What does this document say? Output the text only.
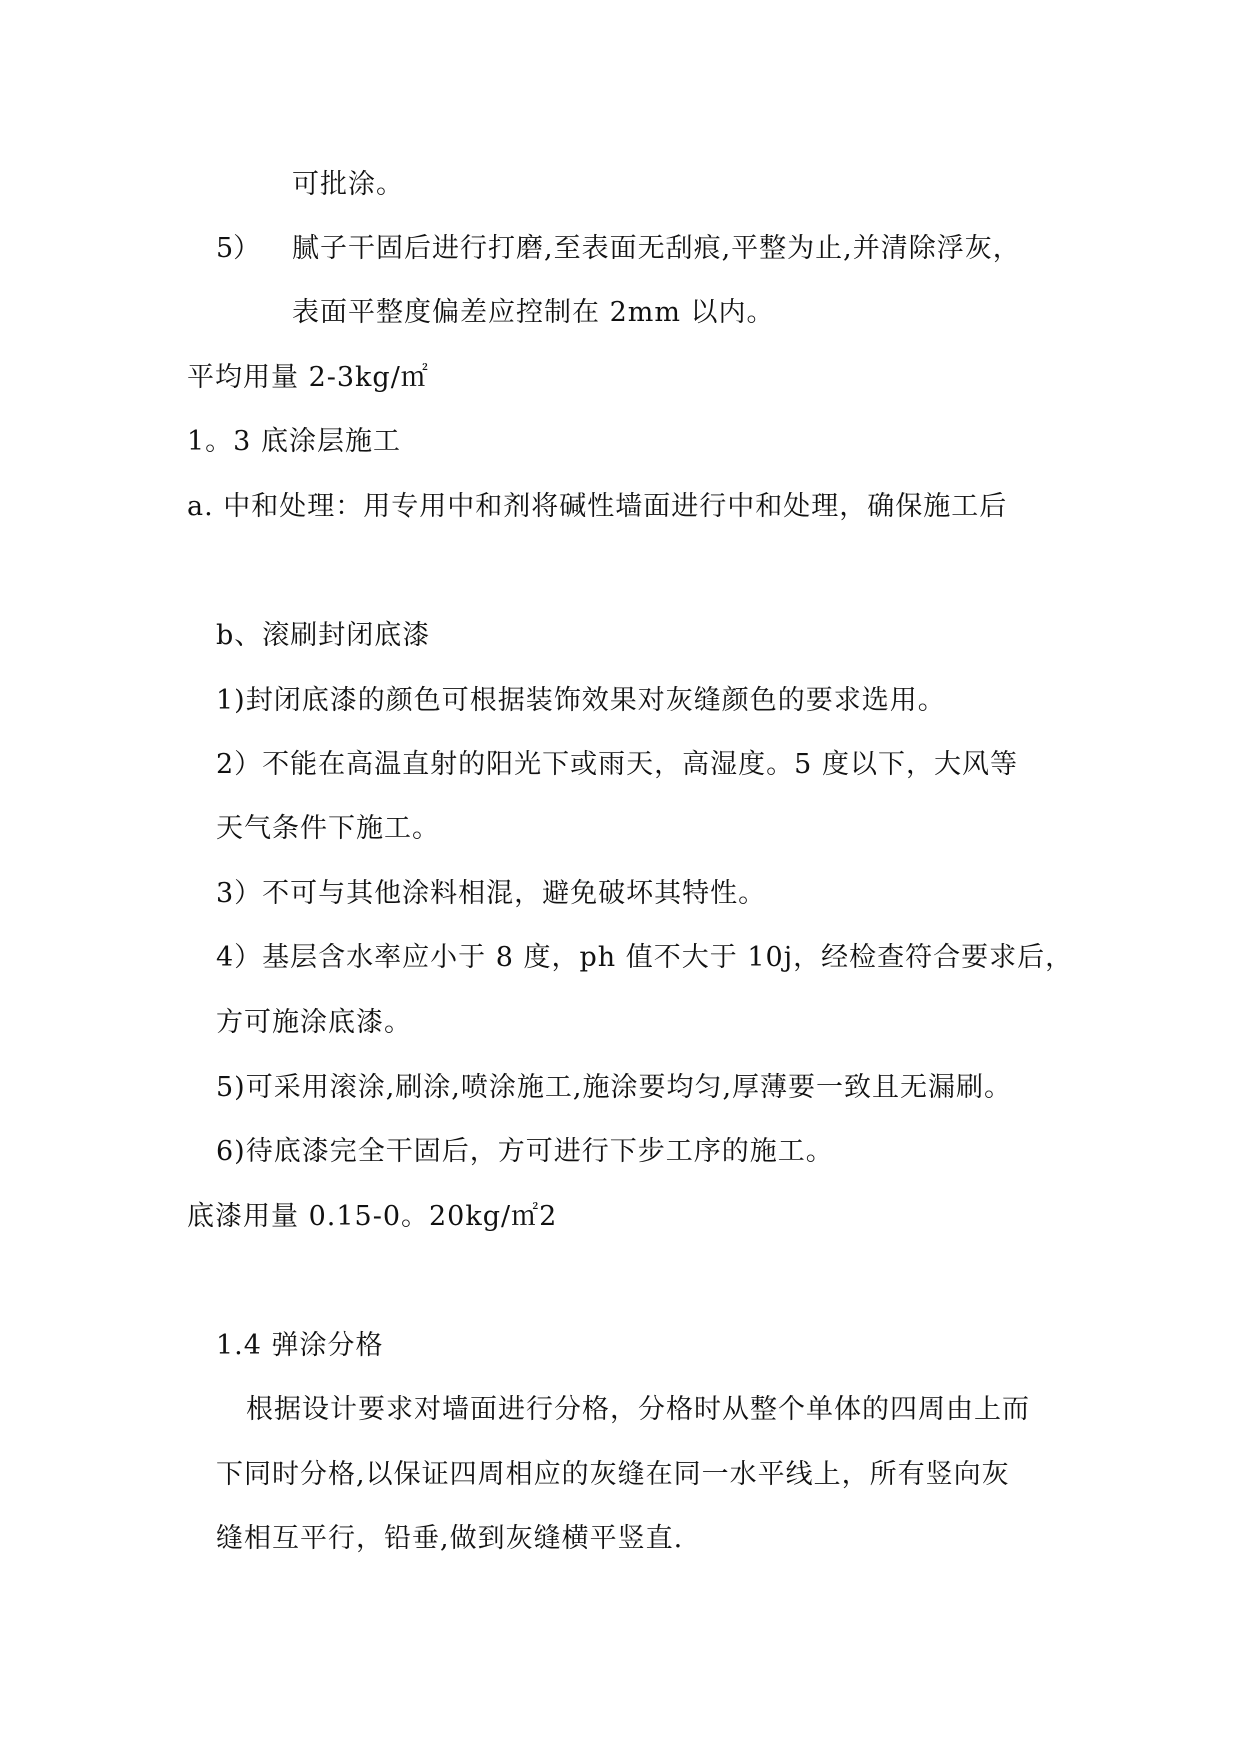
可批涂。
5） 腻子干固后进行打磨,至表面无刮痕,平整为止,并清除浮灰，
表面平整度偏差应控制在 2mm 以内。
平均用量 2-3kg/㎡
1。3 底涂层施工
a. 中和处理：用专用中和剂将碱性墙面进行中和处理，确保施工后
b、滚刷封闭底漆
1)封闭底漆的颜色可根据装饰效果对灰缝颜色的要求选用。
2）不能在高温直射的阳光下或雨天，高湿度。5 度以下，大风等
天气条件下施工。
3）不可与其他涂料相混，避免破坏其特性。
4）基层含水率应小于 8 度，ph 值不大于 10j，经检查符合要求后，
方可施涂底漆。
5)可采用滚涂,刷涂,喷涂施工,施涂要均匀,厚薄要一致且无漏刷。
6)待底漆完全干固后，方可进行下步工序的施工。
底漆用量 0.15-0。20kg/㎡2
1.4 弹涂分格
根据设计要求对墙面进行分格，分格时从整个单体的四周由上而
下同时分格,以保证四周相应的灰缝在同一水平线上，所有竖向灰
缝相互平行，铅垂,做到灰缝横平竖直.
